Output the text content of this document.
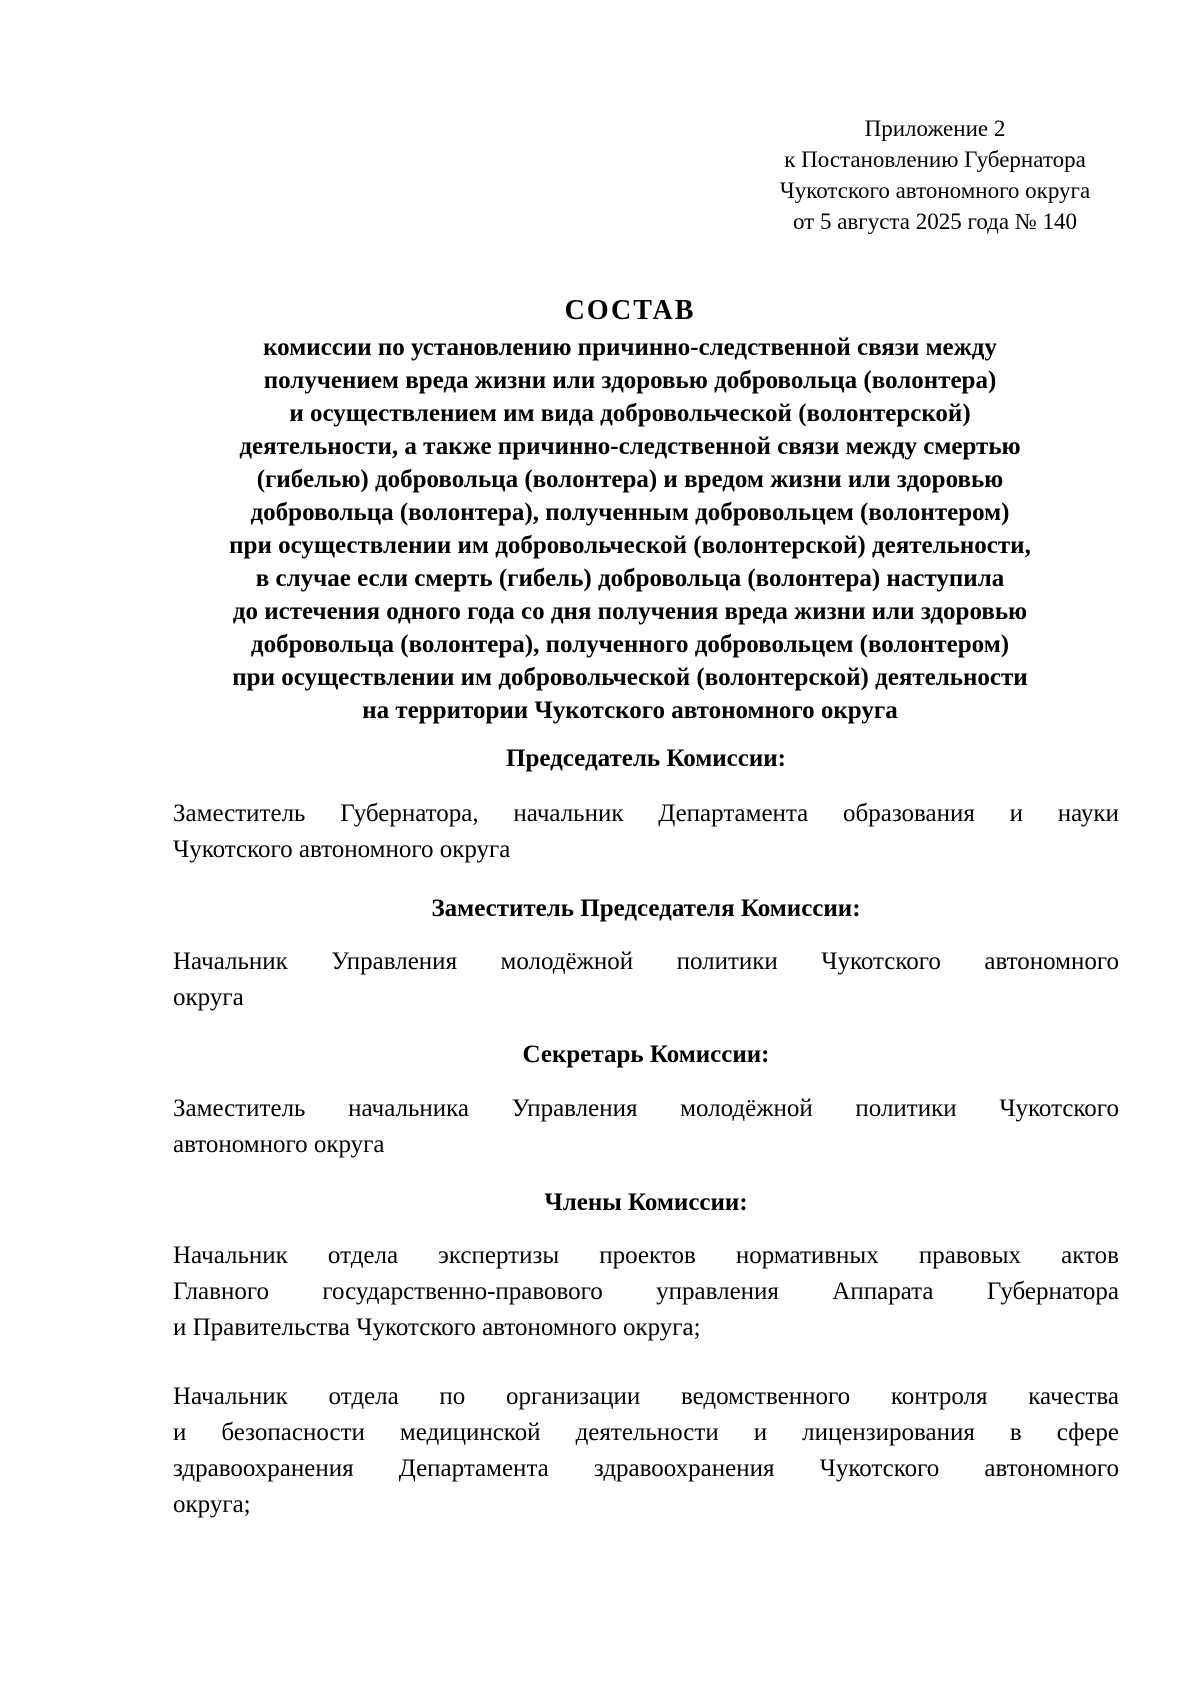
Приложение 2
к Постановлению Губернатора
Чукотского автономного округа
от 5 августа 2025 года № 140
СОСТАВ
комиссии по установлению причинно-следственной связи между
получением вреда жизни или здоровью добровольца (волонтера)
и осуществлением им вида добровольческой (волонтерской)
деятельности, а также причинно-следственной связи между смертью
(гибелью) добровольца (волонтера) и вредом жизни или здоровью
добровольца (волонтера), полученным добровольцем (волонтером)
при осуществлении им добровольческой (волонтерской) деятельности,
в случае если смерть (гибель) добровольца (волонтера) наступила
до истечения одного года со дня получения вреда жизни или здоровью
добровольца (волонтера), полученного добровольцем (волонтером)
при осуществлении им добровольческой (волонтерской) деятельности
на территории Чукотского автономного округа
Председатель Комиссии:
Заместитель Губернатора, начальник Департамента образования и науки
Чукотского автономного округа
Заместитель Председателя Комиссии:
Начальник Управления молодёжной политики Чукотского автономного
округа
Секретарь Комиссии:
Заместитель начальника Управления молодёжной политики Чукотского
автономного округа
Члены Комиссии:
Начальник отдела экспертизы проектов нормативных правовых актов
Главного государственно-правового управления Аппарата Губернатора
и Правительства Чукотского автономного округа;
Начальник отдела по организации ведомственного контроля качества
и безопасности медицинской деятельности и лицензирования в сфере
здравоохранения Департамента здравоохранения Чукотского автономного
округа;
